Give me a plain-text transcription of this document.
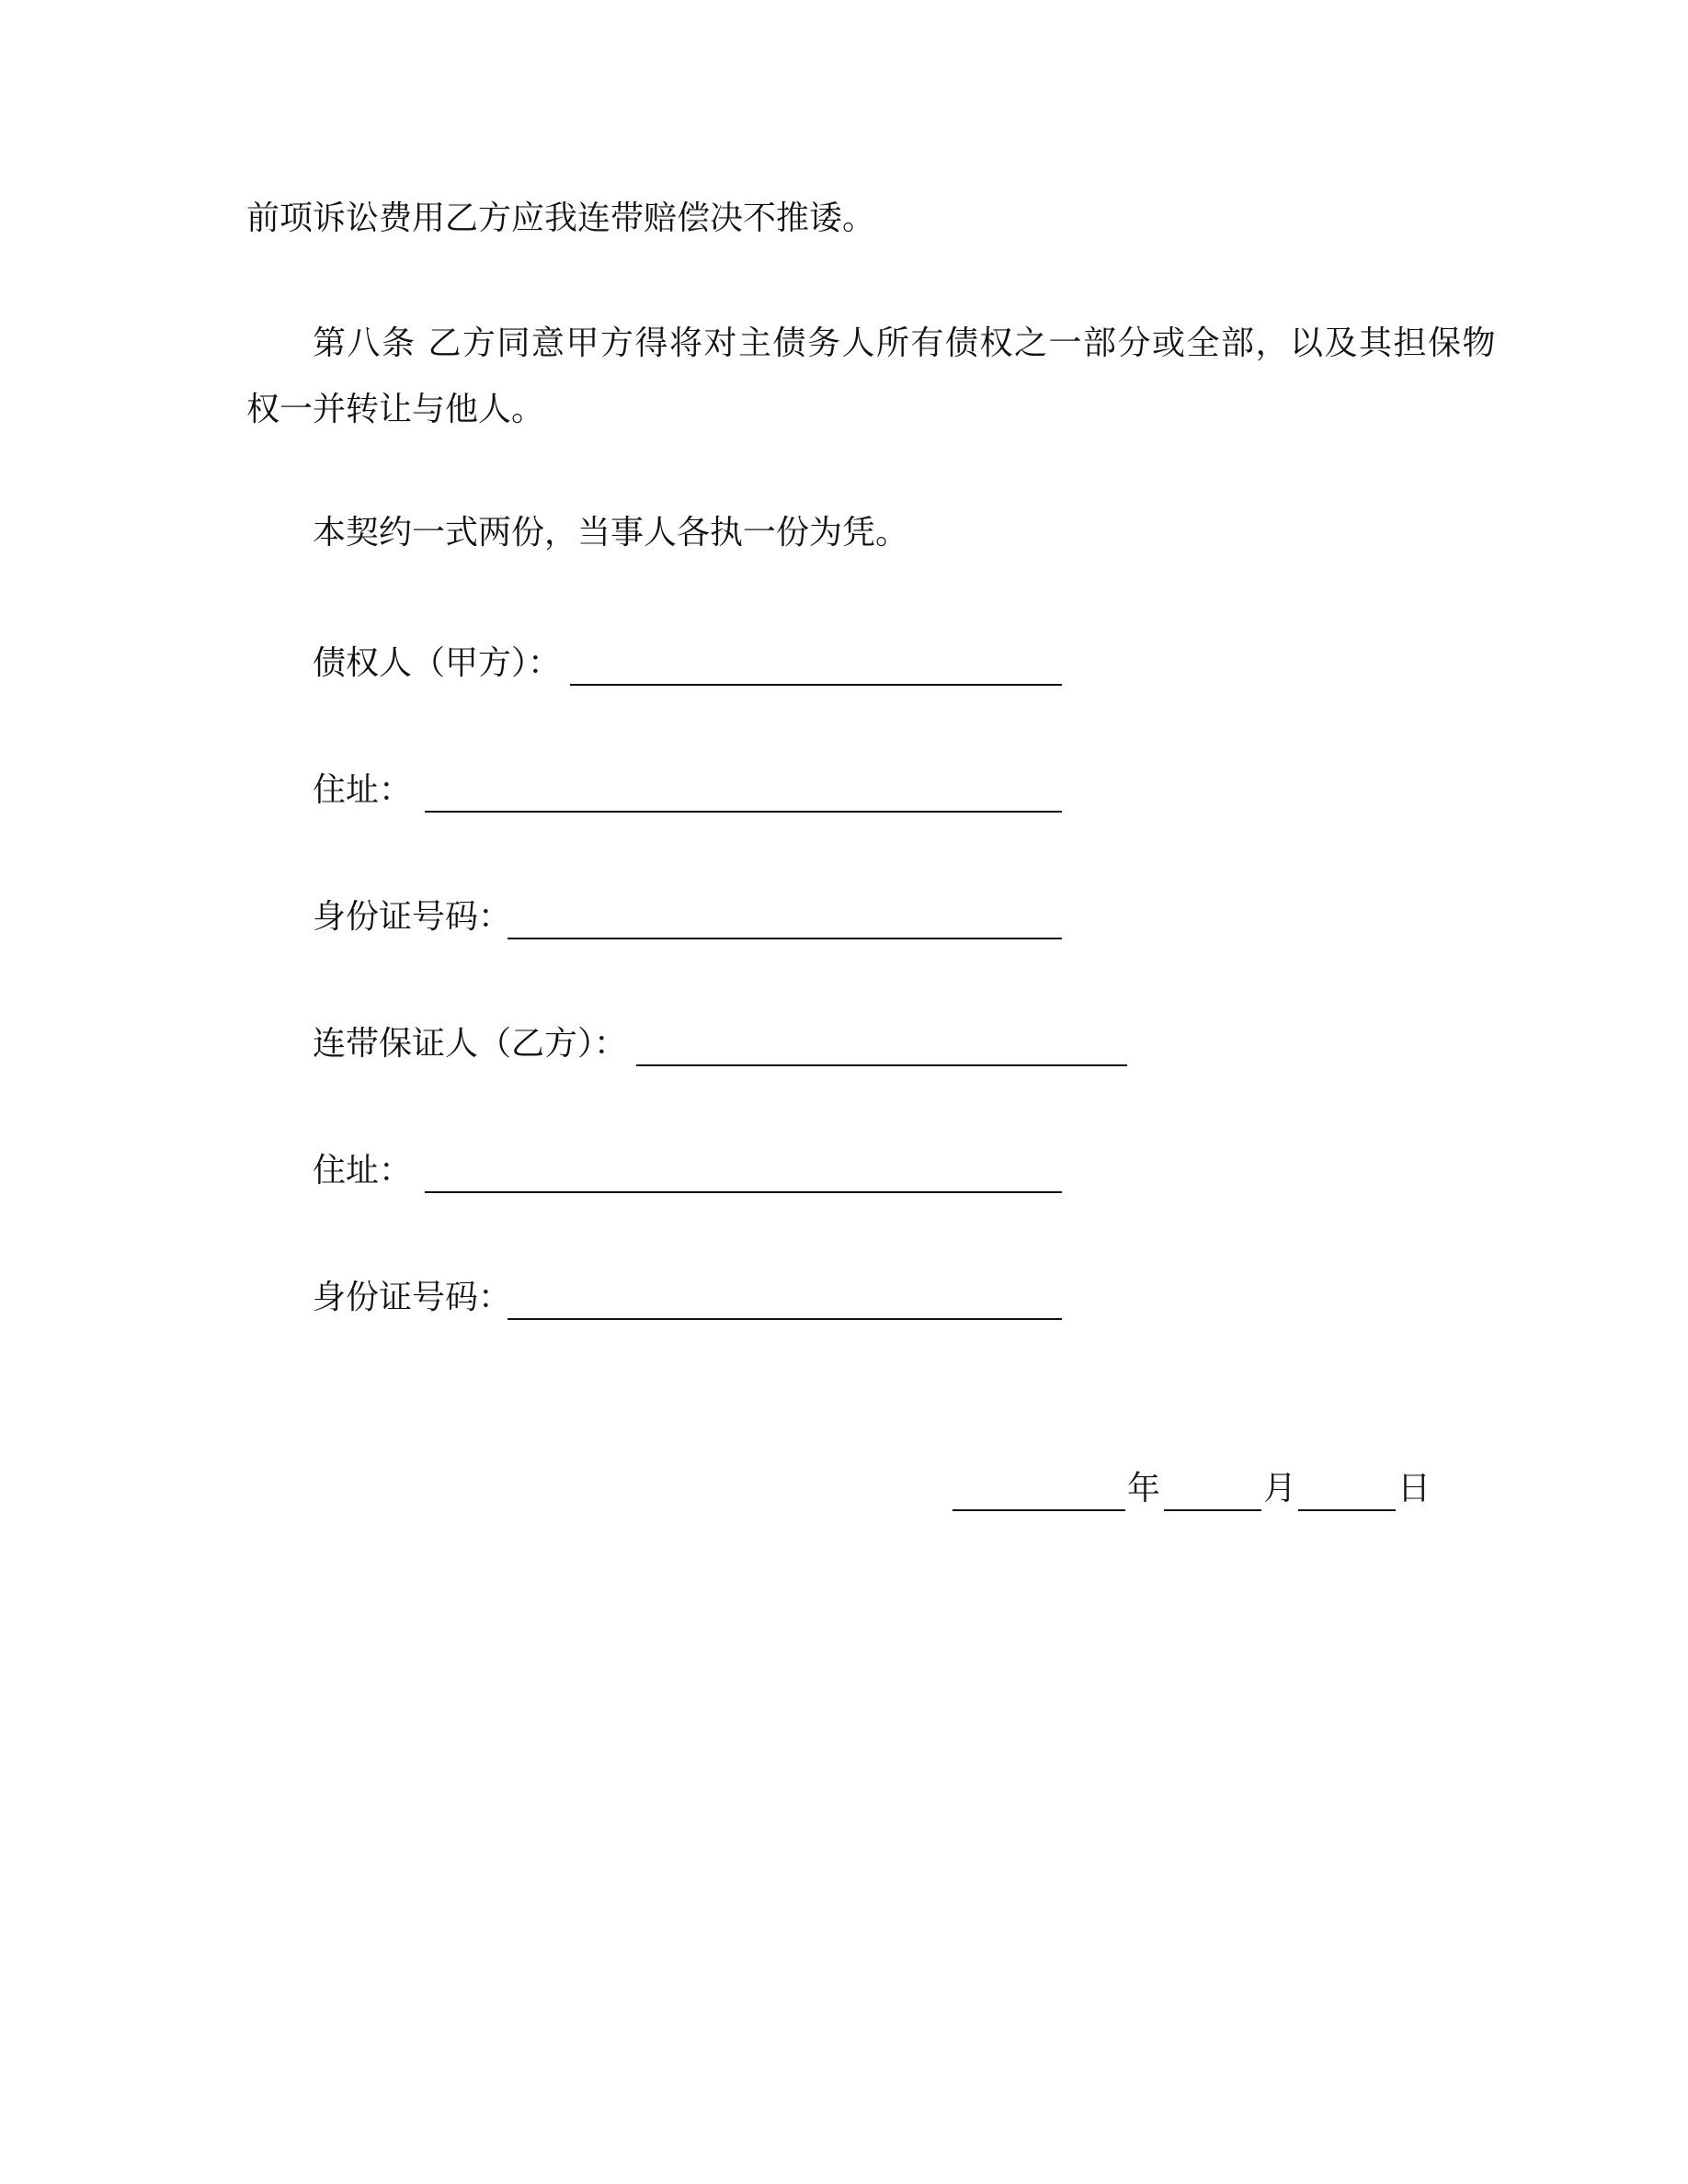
前项诉讼费用乙方应我连带赔偿决不推诿。
第八条 乙方同意甲方得将对主债务人所有债权之一部分或全部，以及其担保物
权一并转让与他人。
本契约一式两份，当事人各执一份为凭。
债权人（甲方）：
住址：
身份证号码：
连带保证人（乙方）：
住址：
身份证号码：
年	月	日
